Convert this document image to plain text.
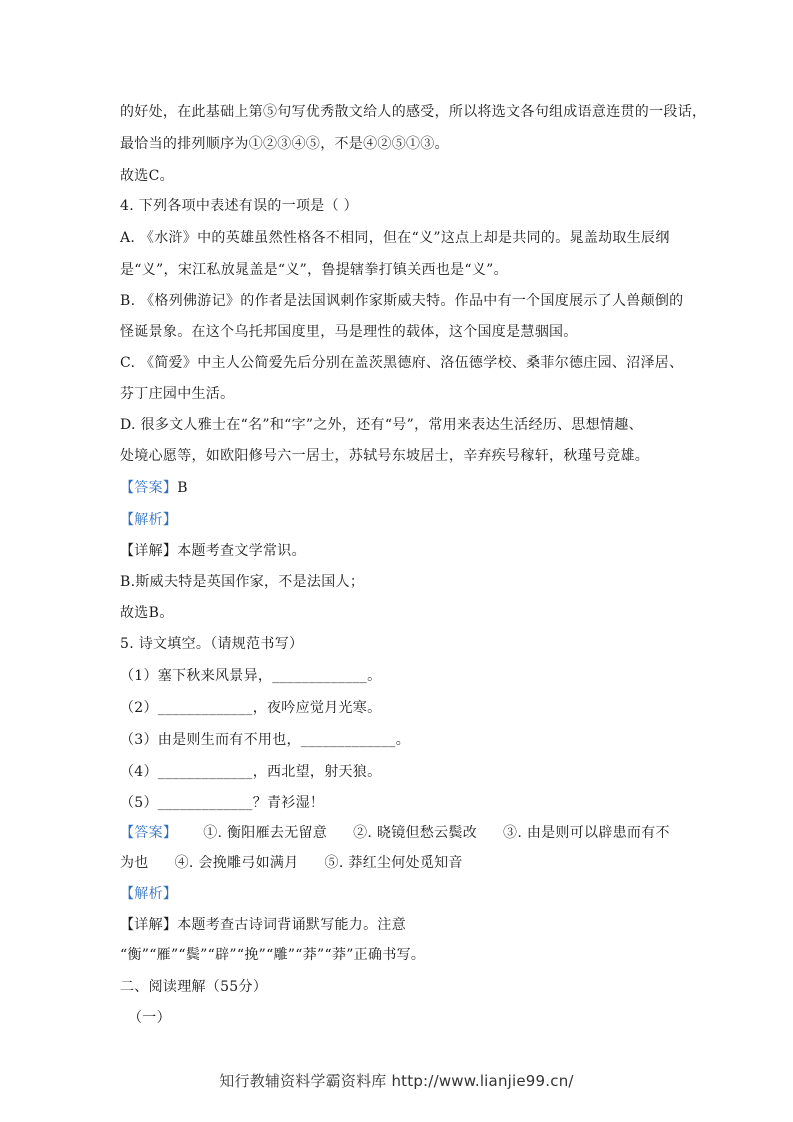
的好处，在此基础上第⑤句写优秀散文给人的感受，所以将选文各句组成语意连贯的一段话，
最恰当的排列顺序为①②③④⑤，不是④②⑤①③。
故选C。
4. 下列各项中表述有误的一项是（ ）
A. 《水浒》中的英雄虽然性格各不相同，但在“义”这点上却是共同的。晁盖劫取生辰纲
是“义”，宋江私放晁盖是“义”，鲁提辖拳打镇关西也是“义”。
B. 《格列佛游记》的作者是法国讽刺作家斯威夫特。作品中有一个国度展示了人兽颠倒的
怪诞景象。在这个乌托邦国度里，马是理性的载体，这个国度是慧骃国。
C. 《简爱》中主人公简爱先后分别在盖茨黑德府、洛伍德学校、桑菲尔德庄园、沼泽居、
芬丁庄园中生活。
D. 很多文人雅士在“名”和“字”之外，还有“号”，常用来表达生活经历、思想情趣、
处境心愿等，如欧阳修号六一居士，苏轼号东坡居士，辛弃疾号稼轩，秋瑾号竞雄。
【答案】B
【解析】
【详解】本题考查文学常识。
B.斯威夫特是英国作家，不是法国人；
故选B。
5. 诗文填空。（请规范书写）
（1）塞下秋来风景异，_____________。
（2）_____________，夜吟应觉月光寒。
（3）由是则生而有不用也，_____________。
（4）_____________，西北望，射天狼。
（5）_____________？青衫湿！
【答案】 ①. 衡阳雁去无留意 ②. 晓镜但愁云鬓改 ③. 由是则可以辟患而有不
为也 ④. 会挽雕弓如满月 ⑤. 莽红尘何处觅知音
【解析】
【详解】本题考查古诗词背诵默写能力。注意
“衡”“雁”“鬓”“辟”“挽”“雕”“莽”“莽”正确书写。
二、阅读理解（55分）
（一）
知行教辅资料学霸资料库 http://www.lianjie99.cn/
